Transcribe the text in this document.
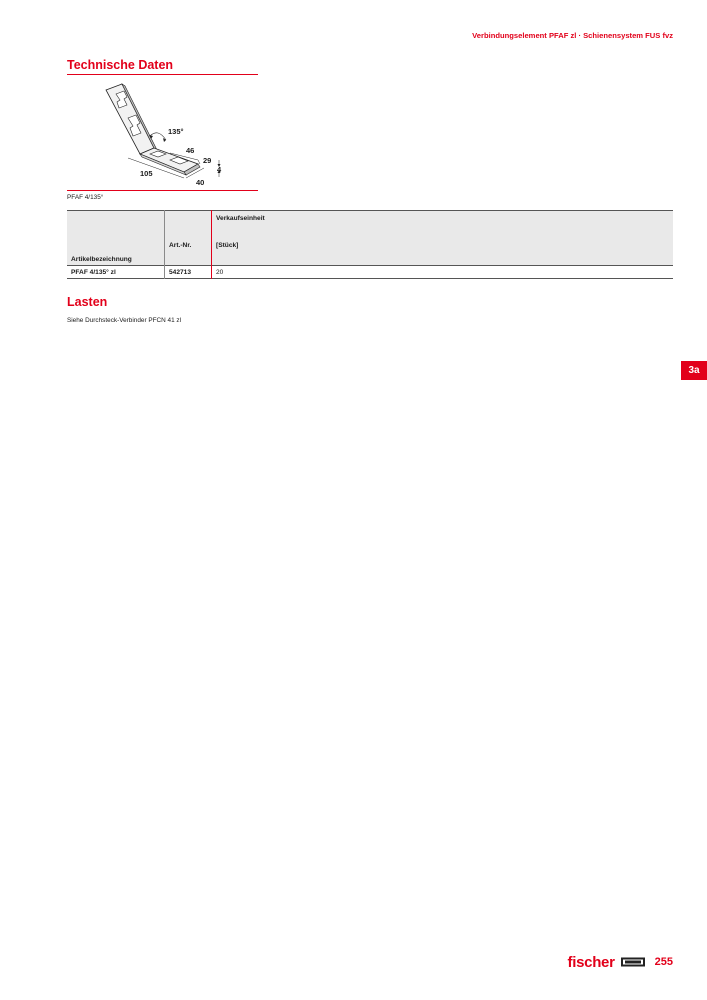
Verbindungselement PFAF zl · Schienensystem FUS fvz
Technische Daten
135°
46
29
4
105
40
PFAF 4/135°
Artikelbezeichnung	Art.-Nr.	Verkaufseinheit
[Stück]

PFAF 4/135° zl	542713	20
Lasten
Siehe Durchsteck-Verbinder PFCN 41 zl
3a
fischer	255
